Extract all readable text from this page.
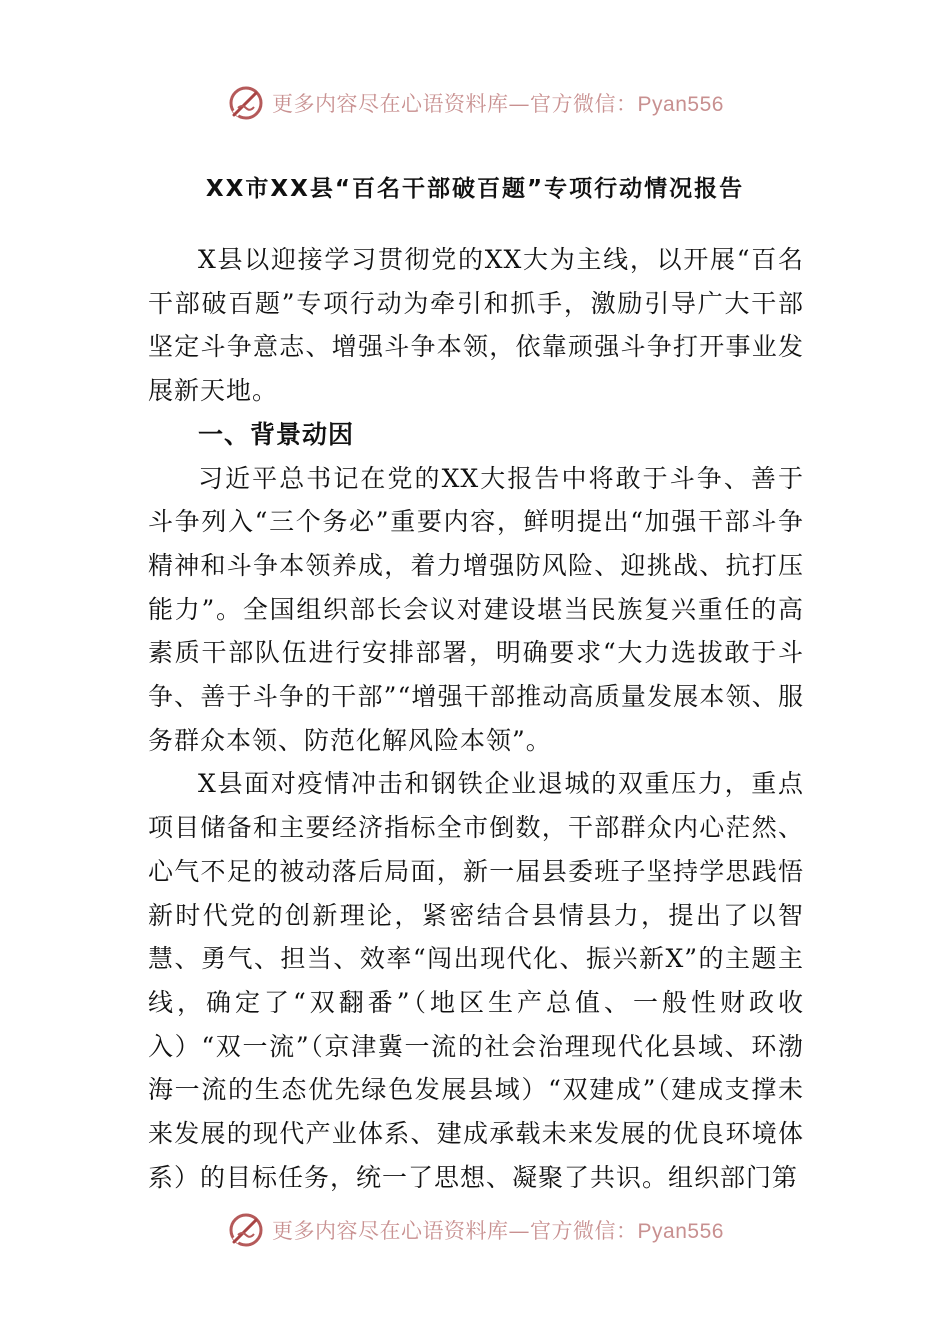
更多内容尽在心语资料库—官方微信：Pyan556
XX市XX县“百名干部破百题”专项行动情况报告

X县以迎接学习贯彻党的XX大为主线，以开展“百名干部破百题”专项行动为牵引和抓手，激励引导广大干部坚定斗争意志、增强斗争本领，依靠顽强斗争打开事业发展新天地。

一、背景动因

习近平总书记在党的XX大报告中将敢于斗争、善于斗争列入“三个务必”重要内容，鲜明提出“加强干部斗争精神和斗争本领养成，着力增强防风险、迎挑战、抗打压能力”。全国组织部长会议对建设堪当民族复兴重任的高素质干部队伍进行安排部署，明确要求“大力选拔敢于斗争、善于斗争的干部”“增强干部推动高质量发展本领、服务群众本领、防范化解风险本领”。

X县面对疫情冲击和钢铁企业退城的双重压力，重点项目储备和主要经济指标全市倒数，干部群众内心茫然、心气不足的被动落后局面，新一届县委班子坚持学思践悟新时代党的创新理论，紧密结合县情县力，提出了以智慧、勇气、担当、效率“闯出现代化、振兴新X”的主题主线，确定了“双翻番”（地区生产总值、一般性财政收入）“双一流”（京津冀一流的社会治理现代化县域、环渤海一流的生态优先绿色发展县域）“双建成”（建成支撑未来发展的现代产业体系、建成承载未来发展的优良环境体系）的目标任务，统一了思想、凝聚了共识。组织部门第

更多内容尽在心语资料库—官方微信：Pyan556
